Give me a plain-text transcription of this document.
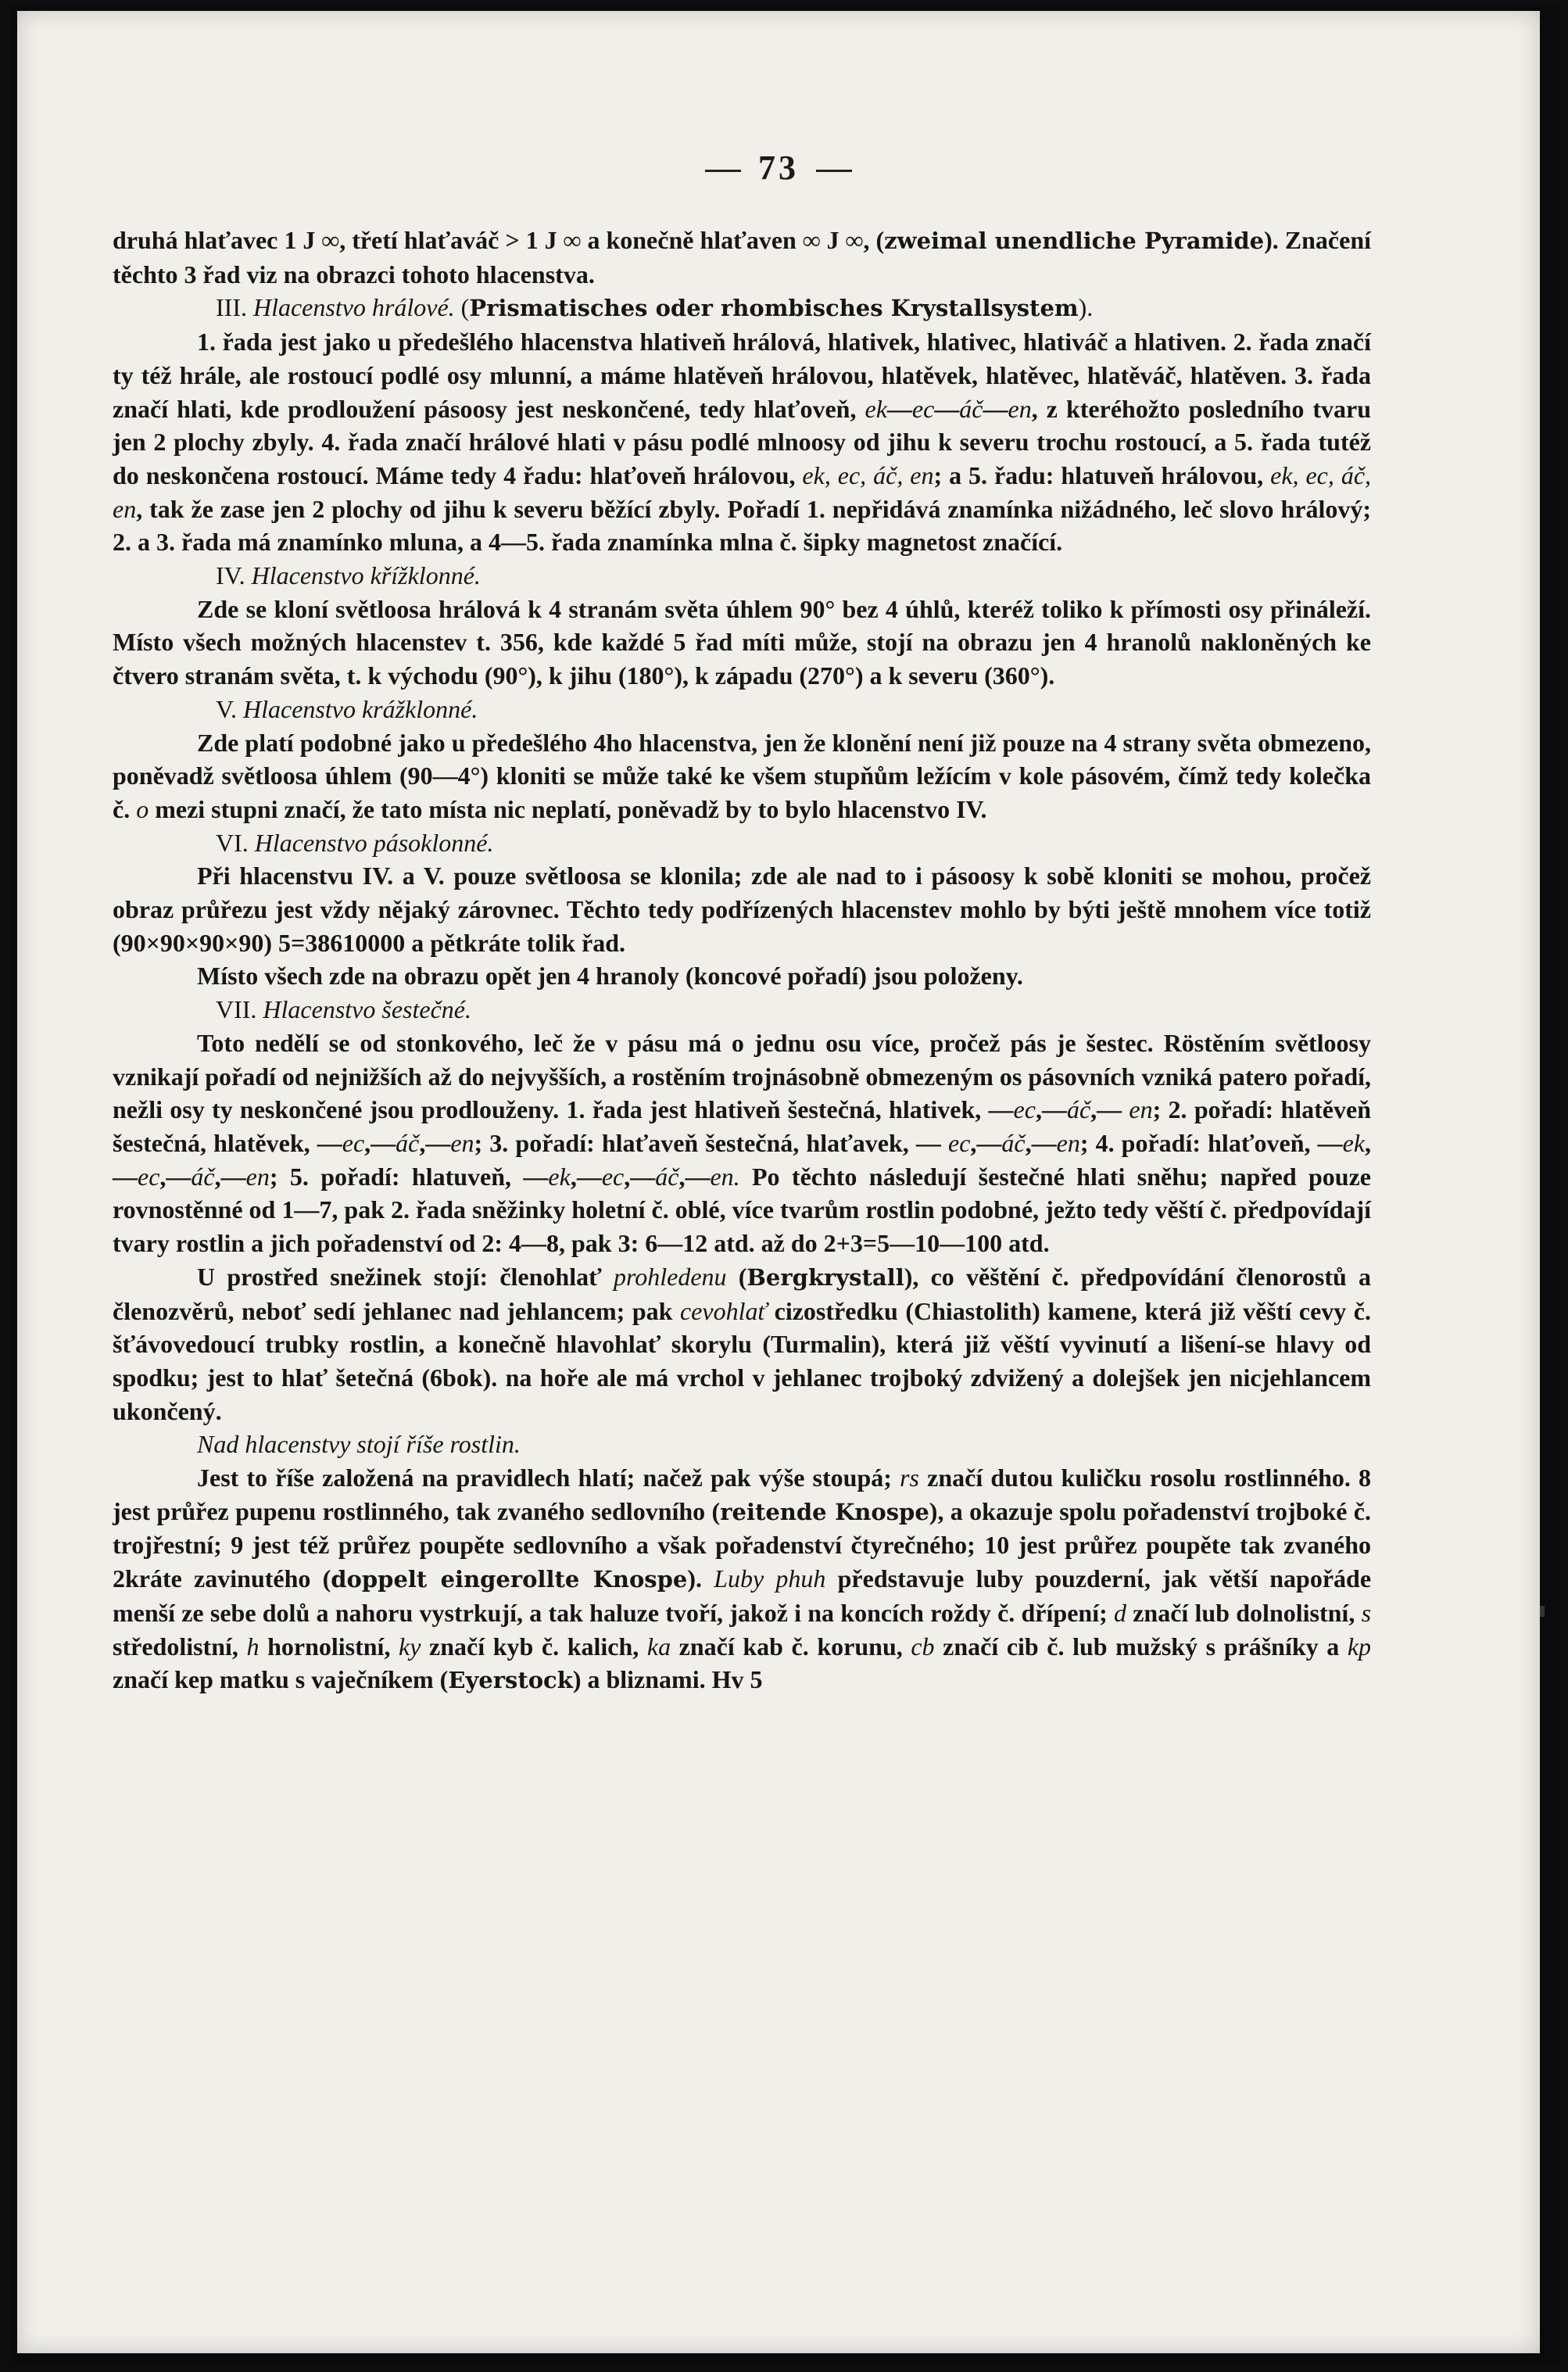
73

druhá hlaťavec 1 J ∞, třetí hlaťaváč > 1 J ∞ a konečně hlaťaven ∞ J ∞, (zweimal unendliche Pyramide). Značení těchto 3 řad viz na obrazci tohoto hlacenstva.

III. Hlacenstvo hrálové. (Prismatisches oder rhombisches Krystallsystem).

1. řada jest jako u předešlého hlacenstva hlativeň hrálová, hlativek, hlativec, hlativáč a hlativen. 2. řada značí ty též hrále, ale rostoucí podlé osy mlunní, a máme hlatěveň hrálovou, hlatěvek, hlatěvec, hlatěváč, hlatěven. 3. řada značí hlati, kde prodloužení pásoosy jest neskončené, tedy hlaťoveň, ek—ec—áč—en, z kteréhožto posledního tvaru jen 2 plochy zbyly. 4. řada značí hrálové hlati v pásu podlé mlnoosy od jihu k severu trochu rostoucí, a 5. řada tutéž do neskončena rostoucí. Máme tedy 4 řadu: hlaťoveň hrálovou, ek, ec, áč, en; a 5. řadu: hlatuveň hrálovou, ek, ec, áč, en, tak že zase jen 2 plochy od jihu k severu běžící zbyly. Pořadí 1. nepřidává znamínka nižádného, leč slovo hrálový; 2. a 3. řada má znamínko mluna, a 4—5. řada znamínka mlna č. šipky magnetost značící.

IV. Hlacenstvo křížklonné.

Zde se kloní světloosa hrálová k 4 stranám světa úhlem 90° bez 4 úhlů, kteréž toliko k přímosti osy přináleží. Místo všech možných hlacenstev t. 356, kde každé 5 řad míti může, stojí na obrazu jen 4 hranolů nakloněných ke čtvero stranám světa, t. k východu (90°), k jihu (180°), k západu (270°) a k severu (360°).

V. Hlacenstvo krážklonné.

Zde platí podobné jako u předešlého 4ho hlacenstva, jen že klonění není již pouze na 4 strany světa obmezeno, poněvadž světloosa úhlem (90—4°) kloniti se může také ke všem stupňům ležícím v kole pásovém, čímž tedy kolečka č. o mezi stupni značí, že tato místa nic neplatí, poněvadž by to bylo hlacenstvo IV.

VI. Hlacenstvo pásoklonné.

Při hlacenstvu IV. a V. pouze světloosa se klonila; zde ale nad to i pásoosy k sobě kloniti se mohou, pročež obraz průřezu jest vždy nějaký zárovnec. Těchto tedy podřízených hlacenstev mohlo by býti ještě mnohem více totiž (90×90×90×90) 5=38610000 a pětkráte tolik řad.

Místo všech zde na obrazu opět jen 4 hranoly (koncové pořadí) jsou položeny.

VII. Hlacenstvo šestečné.

Toto nedělí se od stonkového, leč že v pásu má o jednu osu více, pročež pás je šestec. Röstěním světloosy vznikají pořadí od nejnižších až do nejvyšších, a rostěním trojnásobně obmezeným os pásovních vzniká patero pořadí, nežli osy ty neskončené jsou prodlouženy. 1. řada jest hlativeň šestečná, hlativek, —ec,—áč,— en; 2. pořadí: hlatěveň šestečná, hlatěvek, —ec,—áč,—en; 3. pořadí: hlaťaveň šestečná, hlaťavek, — ec,—áč,—en; 4. pořadí: hlaťoveň, —ek,—ec,—áč,—en; 5. pořadí: hlatuveň, —ek,—ec,—áč,—en. Po těchto následují šestečné hlati sněhu; napřed pouze rovnostěnné od 1—7, pak 2. řada sněžinky holetní č. oblé, více tvarům rostlin podobné, ježto tedy věští č. předpovídají tvary rostlin a jich pořadenství od 2: 4—8, pak 3: 6—12 atd. až do 2+3=5—10—100 atd.

U prostřed snežinek stojí: členohlať prohledenu (Bergkrystall), co věštění č. předpovídání členorostů a členozvěrů, neboť sedí jehlanec nad jehlancem; pak cevohlať cizostředku (Chiastolith) kamene, která již věští cevy č. šťávovedoucí trubky rostlin, a konečně hlavohlať skorylu (Turmalin), která již věští vyvinutí a lišení-se hlavy od spodku; jest to hlať šetečná (6bok). na hoře ale má vrchol v jehlanec trojboký zdvižený a dolejšek jen nicjehlancem ukončený.

Nad hlacenstvy stojí říše rostlin.

Jest to říše založená na pravidlech hlatí; načež pak výše stoupá; rs značí dutou kuličku rosolu rostlinného. 8 jest průřez pupenu rostlinného, tak zvaného sedlovního (reitende Knospe), a okazuje spolu pořadenství trojboké č. trojřestní; 9 jest též průřez poupěte sedlovního a však pořadenství čtyrečného; 10 jest průřez poupěte tak zvaného 2kráte zavinutého (doppelt eingerollte Knospe). Luby phuh představuje luby pouzdernί, jak větší napořáde menší ze sebe dolů a nahoru vystrkují, a tak haluze tvoří, jakož i na koncích roždy č. dřípení; d značí lub dolnolistní, s středolistní, h hornolistní, ky značí kyb č. kalich, ka značí kab č. korunu, cb značí cib č. lub mužský s prášníky a kp značí kep matku s vaječníkem (Eyerstock) a bliznami. Hv 5
